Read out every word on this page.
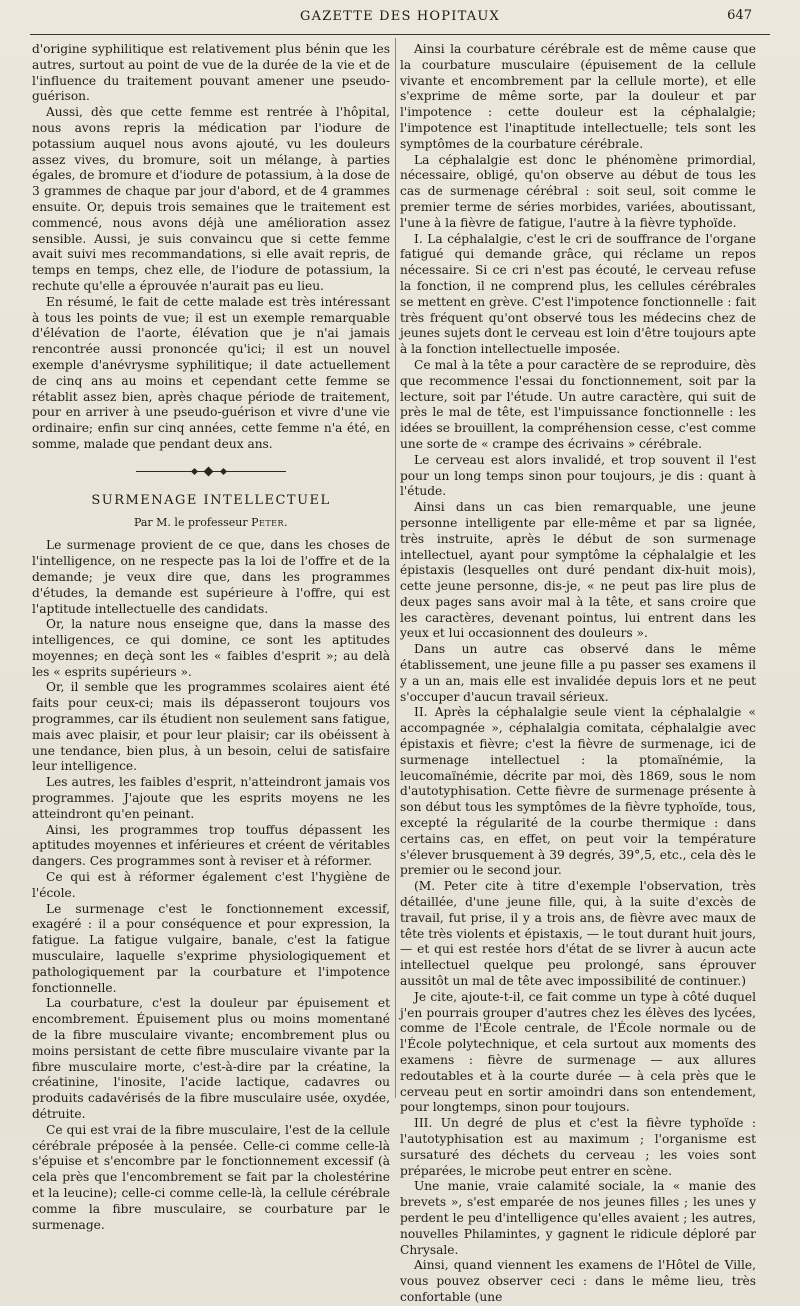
GAZETTE DES HOPITAUX	647

d'origine syphilitique est relativement plus bénin que les autres, surtout au point de vue de la durée de la vie et de l'influence du traitement pouvant amener une pseudo-guérison.

Aussi, dès que cette femme est rentrée à l'hôpital, nous avons repris la médication par l'iodure de potassium auquel nous avons ajouté, vu les douleurs assez vives, du bromure, soit un mélange, à parties égales, de bromure et d'iodure de potassium, à la dose de 3 grammes de chaque par jour d'abord, et de 4 grammes ensuite. Or, depuis trois semaines que le traitement est commencé, nous avons déjà une amélioration assez sensible. Aussi, je suis convaincu que si cette femme avait suivi mes recommandations, si elle avait repris, de temps en temps, chez elle, de l'iodure de potassium, la rechute qu'elle a éprouvée n'aurait pas eu lieu.

En résumé, le fait de cette malade est très intéressant à tous les points de vue; il est un exemple remarquable d'élévation de l'aorte, élévation que je n'ai jamais rencontrée aussi prononcée qu'ici; il est un nouvel exemple d'anévrysme syphilitique; il date actuellement de cinq ans au moins et cependant cette femme se rétablit assez bien, après chaque période de traitement, pour en arriver à une pseudo-guérison et vivre d'une vie ordinaire; enfin sur cinq années, cette femme n'a été, en somme, malade que pendant deux ans.

SURMENAGE INTELLECTUEL
Par M. le professeur Peter.

Le surmenage provient de ce que, dans les choses de l'intelligence, on ne respecte pas la loi de l'offre et de la demande; je veux dire que, dans les programmes d'études, la demande est supérieure à l'offre, qui est l'aptitude intellectuelle des candidats.

Or, la nature nous enseigne que, dans la masse des intelligences, ce qui domine, ce sont les aptitudes moyennes; en deçà sont les « faibles d'esprit »; au delà les « esprits supérieurs ».

Or, il semble que les programmes scolaires aient été faits pour ceux-ci; mais ils dépasseront toujours vos programmes, car ils étudient non seulement sans fatigue, mais avec plaisir, et pour leur plaisir; car ils obéissent à une tendance, bien plus, à un besoin, celui de satisfaire leur intelligence.

Les autres, les faibles d'esprit, n'atteindront jamais vos programmes. J'ajoute que les esprits moyens ne les atteindront qu'en peinant.

Ainsi, les programmes trop touffus dépassent les aptitudes moyennes et inférieures et créent de véritables dangers. Ces programmes sont à reviser et à réformer.

Ce qui est à réformer également c'est l'hygiène de l'école.

Le surmenage c'est le fonctionnement excessif, exagéré : il a pour conséquence et pour expression, la fatigue. La fatigue vulgaire, banale, c'est la fatigue musculaire, laquelle s'exprime physiologiquement et pathologiquement par la courbature et l'impotence fonctionnelle.

La courbature, c'est la douleur par épuisement et encombrement. Épuisement plus ou moins momentané de la fibre musculaire vivante; encombrement plus ou moins persistant de cette fibre musculaire vivante par la fibre musculaire morte, c'est-à-dire par la créatine, la créatinine, l'inosite, l'acide lactique, cadavres ou produits cadavérisés de la fibre musculaire usée, oxydée, détruite.

Ce qui est vrai de la fibre musculaire, l'est de la cellule cérébrale préposée à la pensée. Celle-ci comme celle-là s'épuise et s'encombre par le fonctionnement excessif (à cela près que l'encombrement se fait par la cholestérine et la leucine); celle-ci comme celle-là, la cellule cérébrale comme la fibre musculaire, se courbature par le surmenage.

Ainsi la courbature cérébrale est de même cause que la courbature musculaire (épuisement de la cellule vivante et encombrement par la cellule morte), et elle s'exprime de même sorte, par la douleur et par l'impotence : cette douleur est la céphalalgie; l'impotence est l'inaptitude intellectuelle; tels sont les symptômes de la courbature cérébrale.

La céphalalgie est donc le phénomène primordial, nécessaire, obligé, qu'on observe au début de tous les cas de surmenage cérébral : soit seul, soit comme le premier terme de séries morbides, variées, aboutissant, l'une à la fièvre de fatigue, l'autre à la fièvre typhoïde.

I. La céphalalgie, c'est le cri de souffrance de l'organe fatigué qui demande grâce, qui réclame un repos nécessaire. Si ce cri n'est pas écouté, le cerveau refuse la fonction, il ne comprend plus, les cellules cérébrales se mettent en grève. C'est l'impotence fonctionnelle : fait très fréquent qu'ont observé tous les médecins chez de jeunes sujets dont le cerveau est loin d'être toujours apte à la fonction intellectuelle imposée.

Ce mal à la tête a pour caractère de se reproduire, dès que recommence l'essai du fonctionnement, soit par la lecture, soit par l'étude. Un autre caractère, qui suit de près le mal de tête, est l'impuissance fonctionnelle : les idées se brouillent, la compréhension cesse, c'est comme une sorte de « crampe des écrivains » cérébrale.

Le cerveau est alors invalidé, et trop souvent il l'est pour un long temps sinon pour toujours, je dis : quant à l'étude.

Ainsi dans un cas bien remarquable, une jeune personne intelligente par elle-même et par sa lignée, très instruite, après le début de son surmenage intellectuel, ayant pour symptôme la céphalalgie et les épistaxis (lesquelles ont duré pendant dix-huit mois), cette jeune personne, dis-je, « ne peut pas lire plus de deux pages sans avoir mal à la tête, et sans croire que les caractères, devenant pointus, lui entrent dans les yeux et lui occasionnent des douleurs ».

Dans un autre cas observé dans le même établissement, une jeune fille a pu passer ses examens il y a un an, mais elle est invalidée depuis lors et ne peut s'occuper d'aucun travail sérieux.

II. Après la céphalalgie seule vient la céphalalgie « accompagnée », céphalalgia comitata, céphalalgie avec épistaxis et fièvre; c'est la fièvre de surmenage, ici de surmenage intellectuel : la ptomaïnémie, la leucomaïnémie, décrite par moi, dès 1869, sous le nom d'autotyphisation. Cette fièvre de surmenage présente à son début tous les symptômes de la fièvre typhoïde, tous, excepté la régularité de la courbe thermique : dans certains cas, en effet, on peut voir la température s'élever brusquement à 39 degrés, 39°,5, etc., cela dès le premier ou le second jour.

(M. Peter cite à titre d'exemple l'observation, très détaillée, d'une jeune fille, qui, à la suite d'excès de travail, fut prise, il y a trois ans, de fièvre avec maux de tête très violents et épistaxis, — le tout durant huit jours, — et qui est restée hors d'état de se livrer à aucun acte intellectuel quelque peu prolongé, sans éprouver aussitôt un mal de tête avec impossibilité de continuer.)

Je cite, ajoute-t-il, ce fait comme un type à côté duquel j'en pourrais grouper d'autres chez les élèves des lycées, comme de l'École centrale, de l'École normale ou de l'École polytechnique, et cela surtout aux moments des examens : fièvre de surmenage — aux allures redoutables et à la courte durée — à cela près que le cerveau peut en sortir amoindri dans son entendement, pour longtemps, sinon pour toujours.

III. Un degré de plus et c'est la fièvre typhoïde : l'autotyphisation est au maximum ; l'organisme est sursaturé des déchets du cerveau ; les voies sont préparées, le microbe peut entrer en scène.

Une manie, vraie calamité sociale, la « manie des brevets », s'est emparée de nos jeunes filles ; les unes y perdent le peu d'intelligence qu'elles avaient ; les autres, nouvelles Philamintes, y gagnent le ridicule déploré par Chrysale.

Ainsi, quand viennent les examens de l'Hôtel de Ville, vous pouvez observer ceci : dans le même lieu, très confortable (une
